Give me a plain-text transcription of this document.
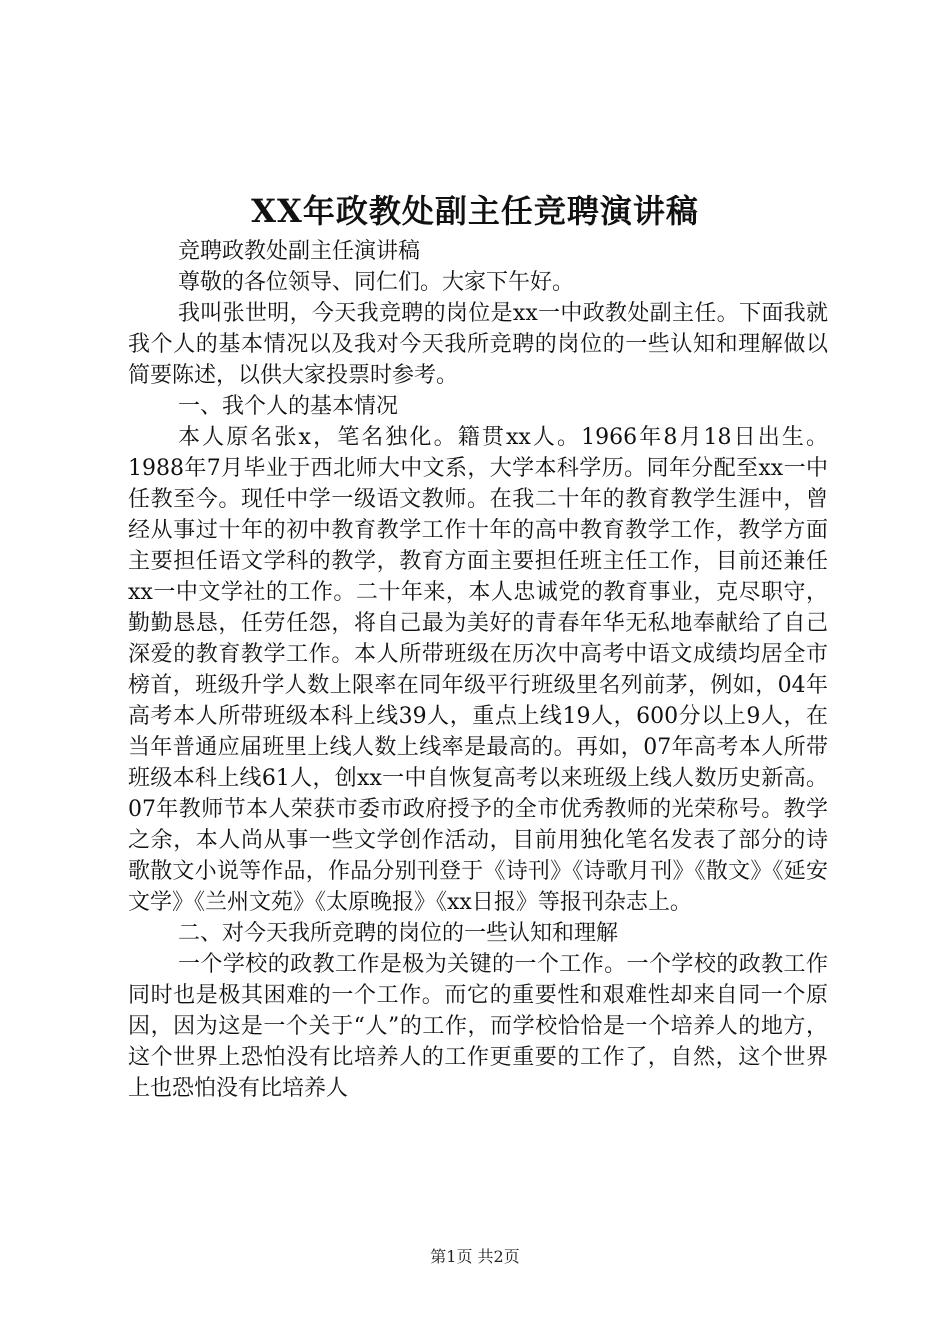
XX年政教处副主任竞聘演讲稿

竞聘政教处副主任演讲稿

尊敬的各位领导、同仁们。大家下午好。

我叫张世明，今天我竞聘的岗位是xx一中政教处副主任。下面我就我个人的基本情况以及我对今天我所竞聘的岗位的一些认知和理解做以简要陈述，以供大家投票时参考。

一、我个人的基本情况

本人原名张x，笔名独化。籍贯xx人。1966年8月18日出生。1988年7月毕业于西北师大中文系，大学本科学历。同年分配至xx一中任教至今。现任中学一级语文教师。在我二十年的教育教学生涯中，曾经从事过十年的初中教育教学工作十年的高中教育教学工作，教学方面主要担任语文学科的教学，教育方面主要担任班主任工作，目前还兼任xx一中文学社的工作。二十年来，本人忠诚党的教育事业，克尽职守，勤勤恳恳，任劳任怨，将自己最为美好的青春年华无私地奉献给了自己深爱的教育教学工作。本人所带班级在历次中高考中语文成绩均居全市榜首，班级升学人数上限率在同年级平行班级里名列前茅，例如，04年高考本人所带班级本科上线39人，重点上线19人，600分以上9人，在当年普通应届班里上线人数上线率是最高的。再如，07年高考本人所带班级本科上线61人，创xx一中自恢复高考以来班级上线人数历史新高。07年教师节本人荣获市委市政府授予的全市优秀教师的光荣称号。教学之余，本人尚从事一些文学创作活动，目前用独化笔名发表了部分的诗歌散文小说等作品，作品分别刊登于《诗刊》《诗歌月刊》《散文》《延安文学》《兰州文苑》《太原晚报》《xx日报》等报刊杂志上。

二、对今天我所竞聘的岗位的一些认知和理解

一个学校的政教工作是极为关键的一个工作。一个学校的政教工作同时也是极其困难的一个工作。而它的重要性和艰难性却来自同一个原因，因为这是一个关于“人”的工作，而学校恰恰是一个培养人的地方，这个世界上恐怕没有比培养人的工作更重要的工作了，自然，这个世界上也恐怕没有比培养人

第1页 共2页
